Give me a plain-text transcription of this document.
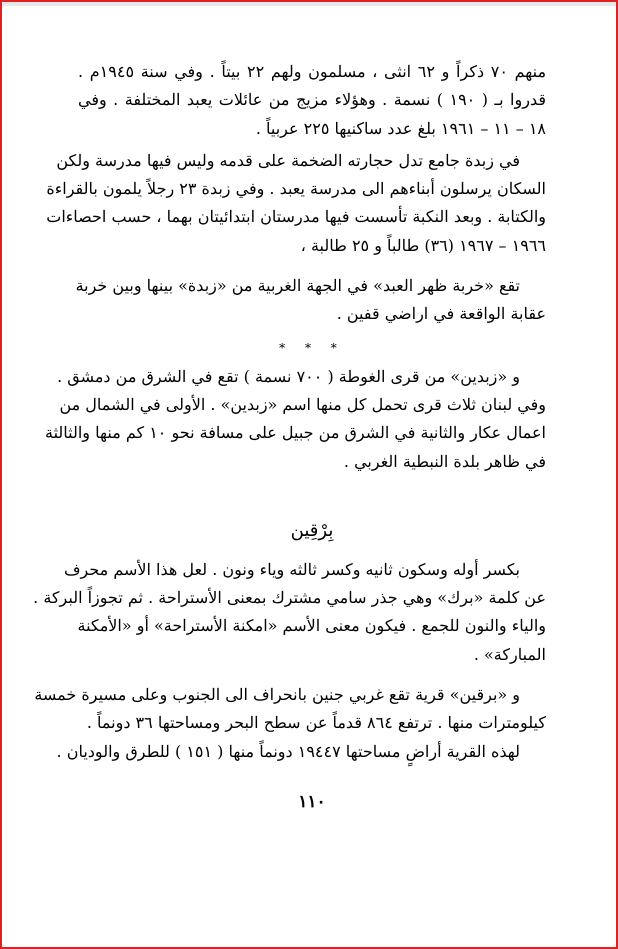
منهم ٧٠ ذكراً و ٦٢ انثى ، مسلمون ولهم ٢٢ بيتاً . وفي سنة ١٩٤٥م .
قدروا بـ ( ١٩٠ ) نسمة . وهؤلاء مزيج من عائلات يعبد المختلفة . وفي
١٨ – ١١ – ١٩٦١ بلغ عدد ساكنيها ٢٢٥ عربياً .
في زبدة جامع تدل حجارته الضخمة على قدمه وليس فيها مدرسة ولكن
السكان يرسلون أبناءهم الى مدرسة يعبد . وفي زبدة ٢٣ رجلاً يلمون بالقراءة
والكتابة . وبعد النكبة تأسست فيها مدرستان ابتدائيتان بهما ، حسب احصاءات
١٩٦٦ – ١٩٦٧ (٣٦) طالباً و ٢٥ طالبة ،
تقع «خربة ظهر العبد» في الجهة الغربية من «زبدة» بينها وبين خربة
عقابة الواقعة في اراضي قفين .
* * *
و «زبدين» من قرى الغوطة ( ٧٠٠ نسمة ) تقع في الشرق من دمشق .
وفي لبنان ثلاث قرى تحمل كل منها اسم «زبدين» . الأولى في الشمال من
اعمال عكار والثانية في الشرق من جبيل على مسافة نحو ١٠ كم منها والثالثة
في ظاهر بلدة النبطية الغربي .
بِرْقِين
بكسر أوله وسكون ثانيه وكسر ثالثه وياء ونون . لعل هذا الأسم محرف
عن كلمة «برك» وهي جذر سامي مشترك بمعنى الأستراحة . ثم تجوزاً البركة .
والياء والنون للجمع . فيكون معنى الأسم «امكنة الأستراحة» أو «الأمكنة
المباركة» .
و «برقين» قرية تقع غربي جنين بانحراف الى الجنوب وعلى مسيرة خمسة
كيلومترات منها . ترتفع ٨٦٤ قدماً عن سطح البحر ومساحتها ٣٦ دونماً .
لهذه القرية أراضٍ مساحتها ١٩٤٤٧ دونماً منها ( ١٥١ ) للطرق والوديان .
١١٠
